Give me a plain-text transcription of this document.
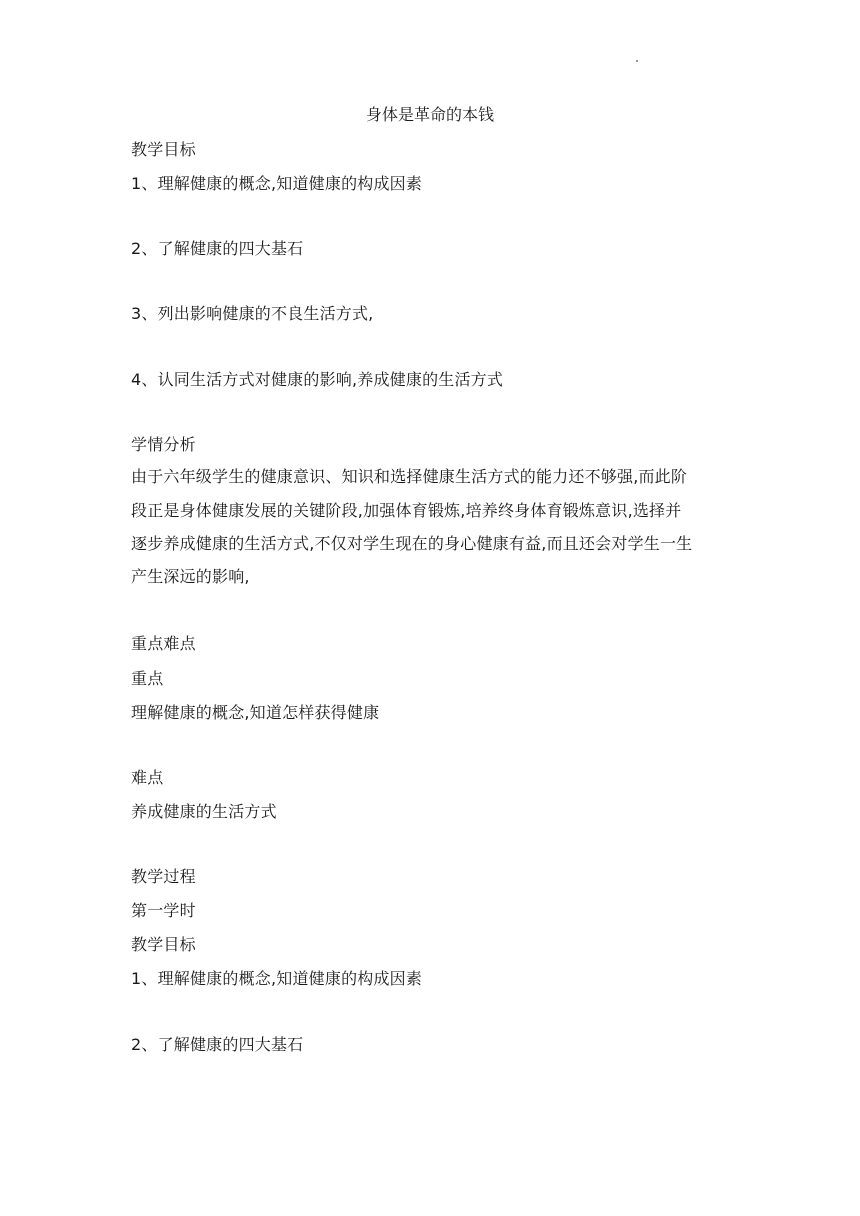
身体是革命的本钱
教学目标
1、理解健康的概念,知道健康的构成因素
2、了解健康的四大基石
3、列出影响健康的不良生活方式,
4、认同生活方式对健康的影响,养成健康的生活方式
学情分析
由于六年级学生的健康意识、知识和选择健康生活方式的能力还不够强,而此阶
段正是身体健康发展的关键阶段,加强体育锻炼,培养终身体育锻炼意识,选择并
逐步养成健康的生活方式,不仅对学生现在的身心健康有益,而且还会对学生一生
产生深远的影响,
重点难点
重点
理解健康的概念,知道怎样获得健康
难点
养成健康的生活方式
教学过程
第一学时
教学目标
1、理解健康的概念,知道健康的构成因素
2、了解健康的四大基石
